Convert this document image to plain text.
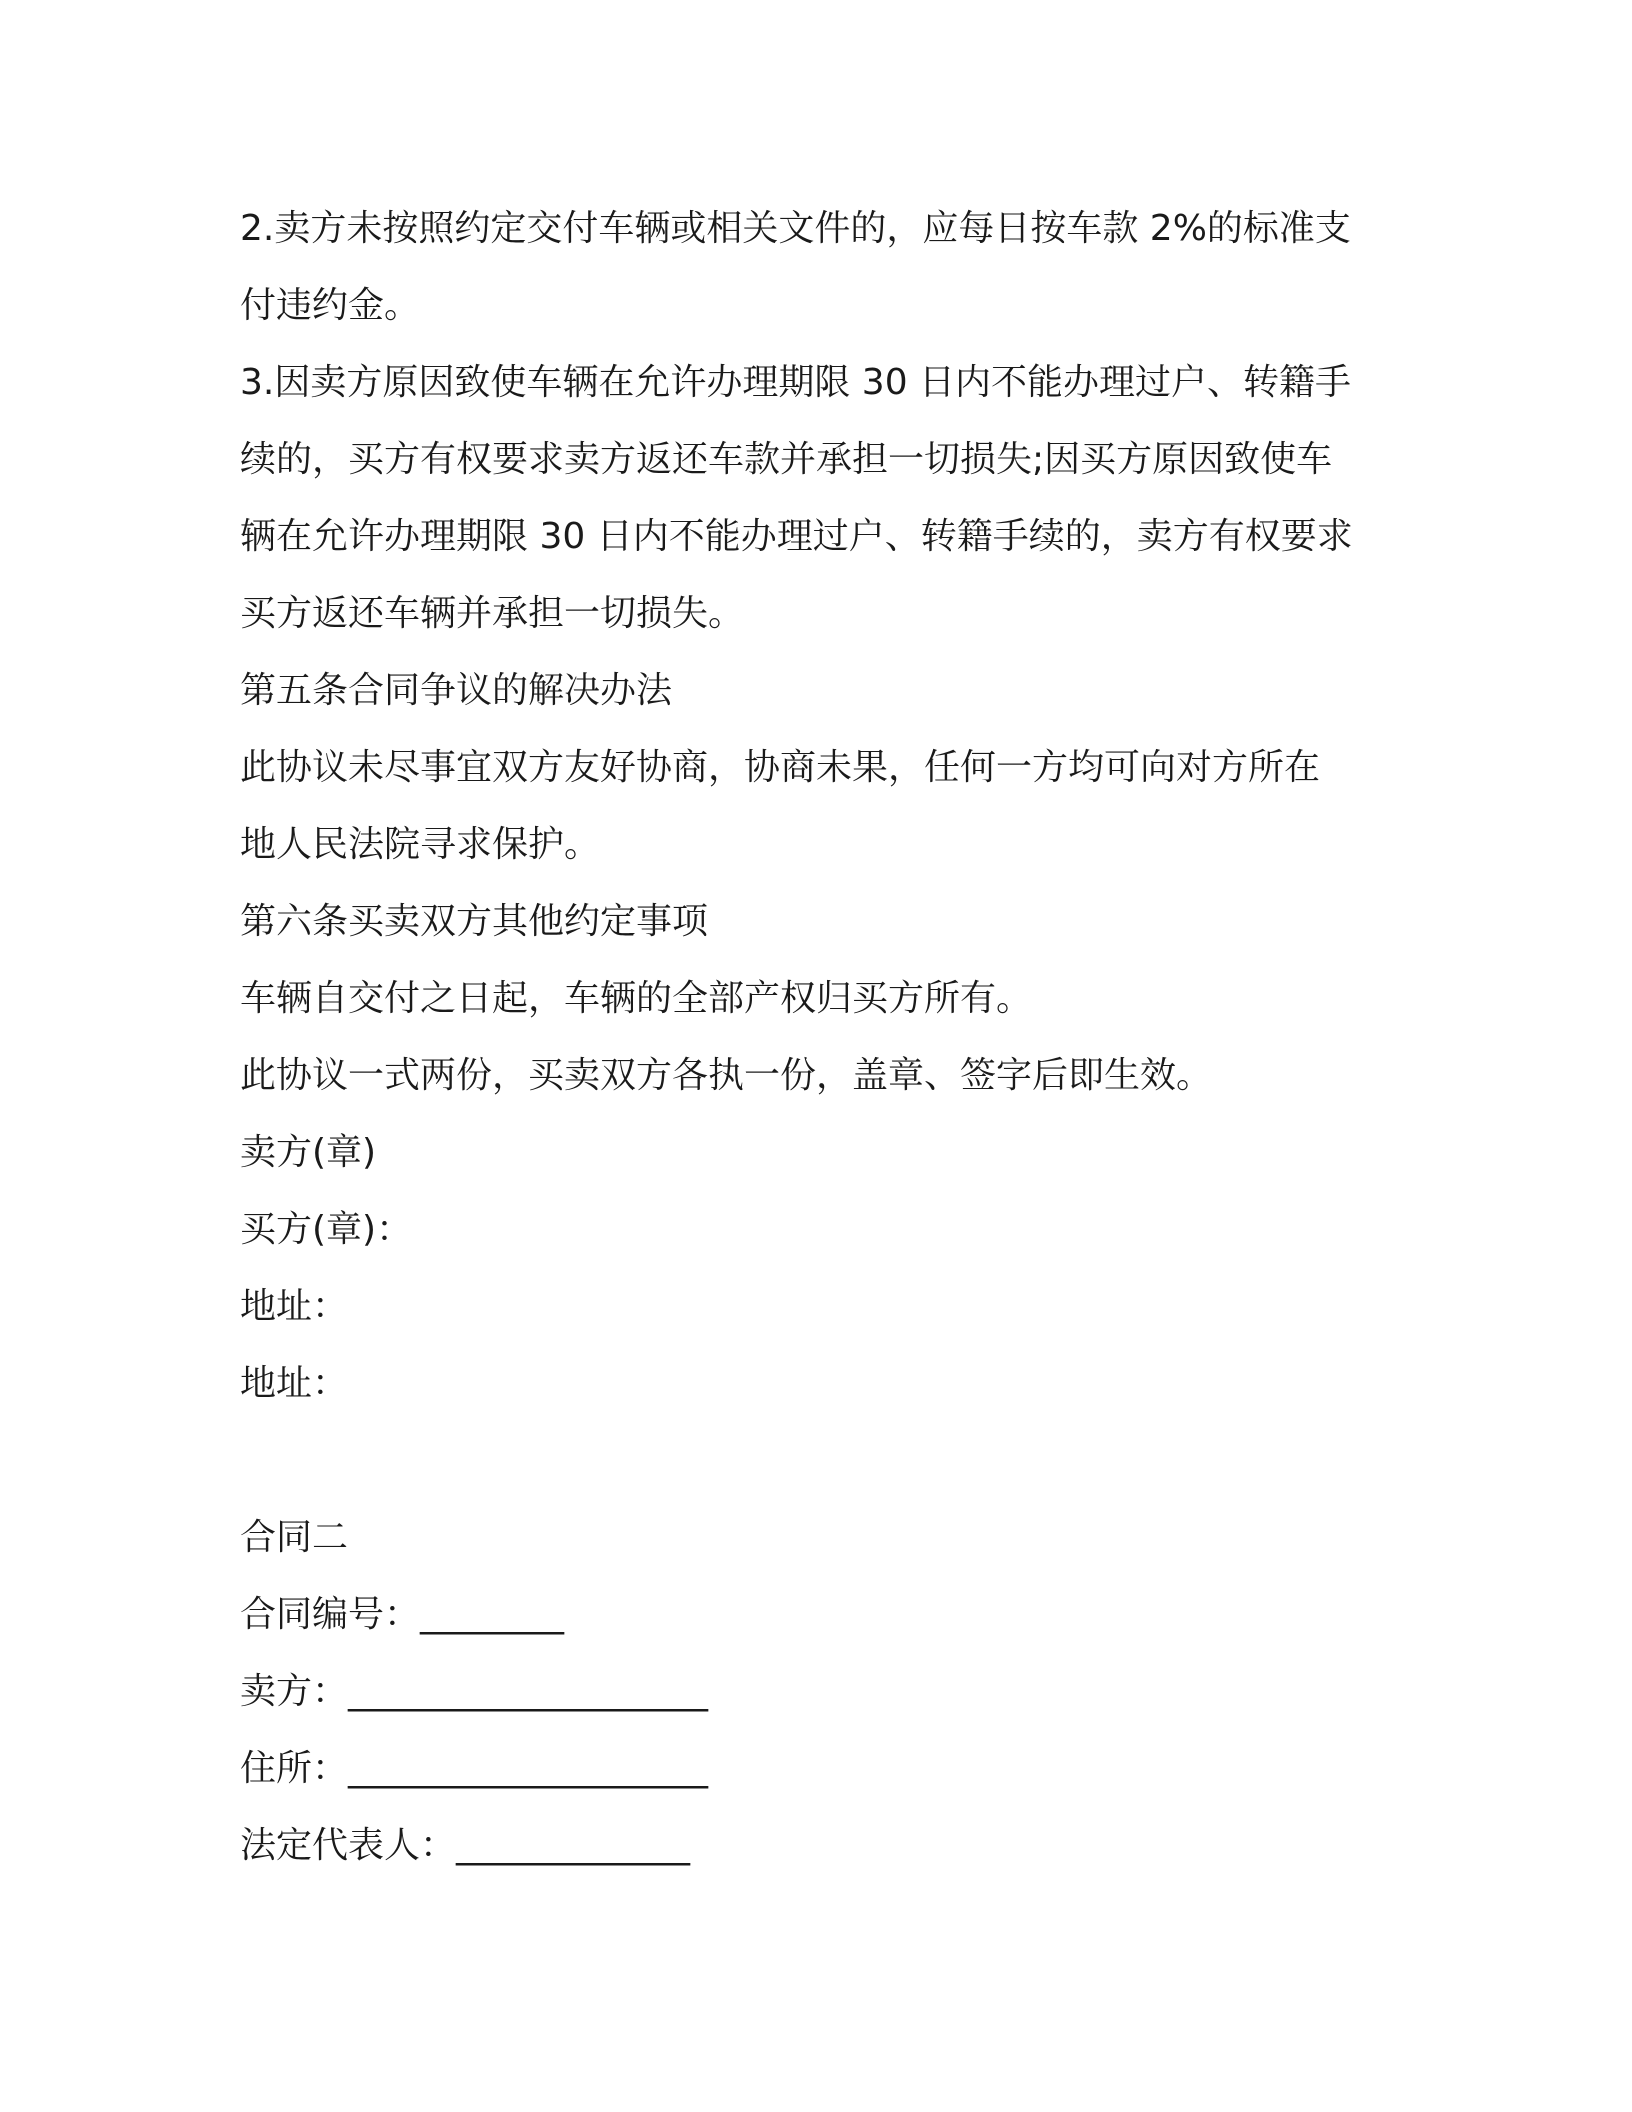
2.卖方未按照约定交付车辆或相关文件的，应每日按车款 2%的标准支
付违约金。
3.因卖方原因致使车辆在允许办理期限 30 日内不能办理过户、转籍手
续的，买方有权要求卖方返还车款并承担一切损失;因买方原因致使车
辆在允许办理期限 30 日内不能办理过户、转籍手续的，卖方有权要求
买方返还车辆并承担一切损失。
第五条合同争议的解决办法
此协议未尽事宜双方友好协商，协商未果，任何一方均可向对方所在
地人民法院寻求保护。
第六条买卖双方其他约定事项
车辆自交付之日起，车辆的全部产权归买方所有。
此协议一式两份，买卖双方各执一份，盖章、签字后即生效。
卖方(章)
买方(章)：
地址：
地址：
合同二
合同编号：________
卖方：____________________
住所：____________________
法定代表人：_____________
